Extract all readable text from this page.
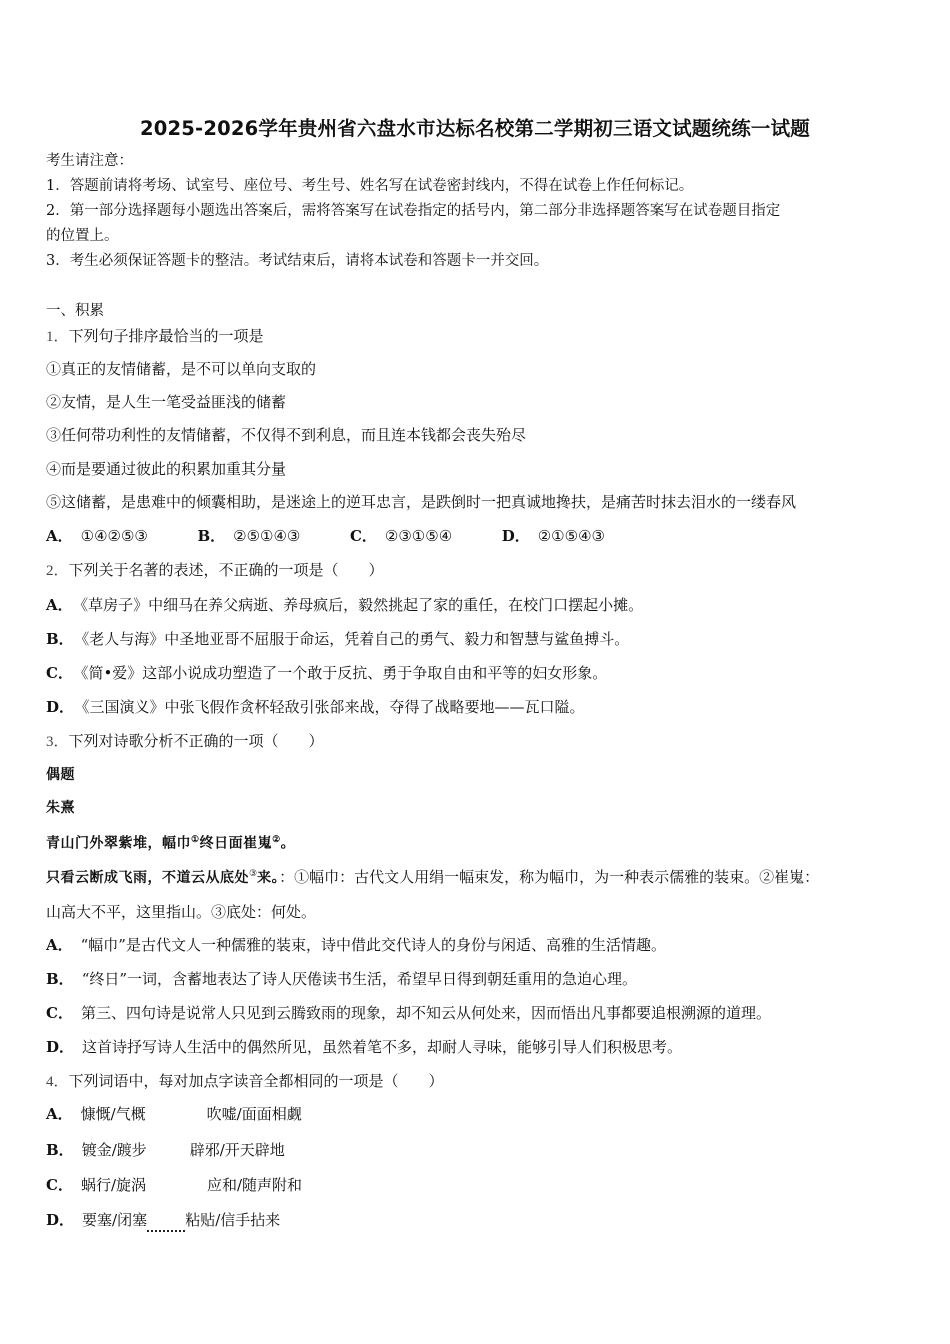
2025-2026学年贵州省六盘水市达标名校第二学期初三语文试题统练一试题
考生请注意：
1．答题前请将考场、试室号、座位号、考生号、姓名写在试卷密封线内，不得在试卷上作任何标记。
2．第一部分选择题每小题选出答案后，需将答案写在试卷指定的括号内，第二部分非选择题答案写在试卷题目指定
的位置上。
3．考生必须保证答题卡的整洁。考试结束后，请将本试卷和答题卡一并交回。
一、积累
1．下列句子排序最恰当的一项是
①真正的友情储蓄，是不可以单向支取的
②友情，是人生一笔受益匪浅的储蓄
③任何带功利性的友情储蓄，不仅得不到利息，而且连本钱都会丧失殆尽
④而是要通过彼此的积累加重其分量
⑤这储蓄，是患难中的倾囊相助，是迷途上的逆耳忠言，是跌倒时一把真诚地搀扶，是痛苦时抹去泪水的一缕春风
A． ①④②⑤③	B． ②⑤①④③	C． ②③①⑤④	D． ②①⑤④③
2．下列关于名著的表述，不正确的一项是（　　）
A． 《草房子》中细马在养父病逝、养母疯后，毅然挑起了家的重任，在校门口摆起小摊。
B． 《老人与海》中圣地亚哥不屈服于命运，凭着自己的勇气、毅力和智慧与鲨鱼搏斗。
C． 《简•爱》这部小说成功塑造了一个敢于反抗、勇于争取自由和平等的妇女形象。
D． 《三国演义》中张飞假作贪杯轻敌引张郃来战，夺得了战略要地——瓦口隘。
3．下列对诗歌分析不正确的一项（　　）
偶题
朱熹
青山门外翠紫堆，幅巾①终日面崔嵬②。
只看云断成飞雨，不道云从底处③来。：①幅巾：古代文人用绢一幅束发，称为幅巾，为一种表示儒雅的装束。②崔嵬：
山高大不平，这里指山。③底处：何处。
A． “幅巾”是古代文人一种儒雅的装束，诗中借此交代诗人的身份与闲适、高雅的生活情趣。
B． “终日”一词，含蓄地表达了诗人厌倦读书生活，希望早日得到朝廷重用的急迫心理。
C． 第三、四句诗是说常人只见到云腾致雨的现象，却不知云从何处来，因而悟出凡事都要追根溯源的道理。
D． 这首诗抒写诗人生活中的偶然所见，虽然着笔不多，却耐人寻味，能够引导人们积极思考。
4．下列词语中，每对加点字读音全都相同的一项是（　　）
A． 慷慨/气概	吹嘘/面面相觑
B． 镀金/踱步	辟邪/开天辟地
C． 蜗行/旋涡	应和/随声附和
D． 要塞/闭塞​        粘贴/信手拈来
